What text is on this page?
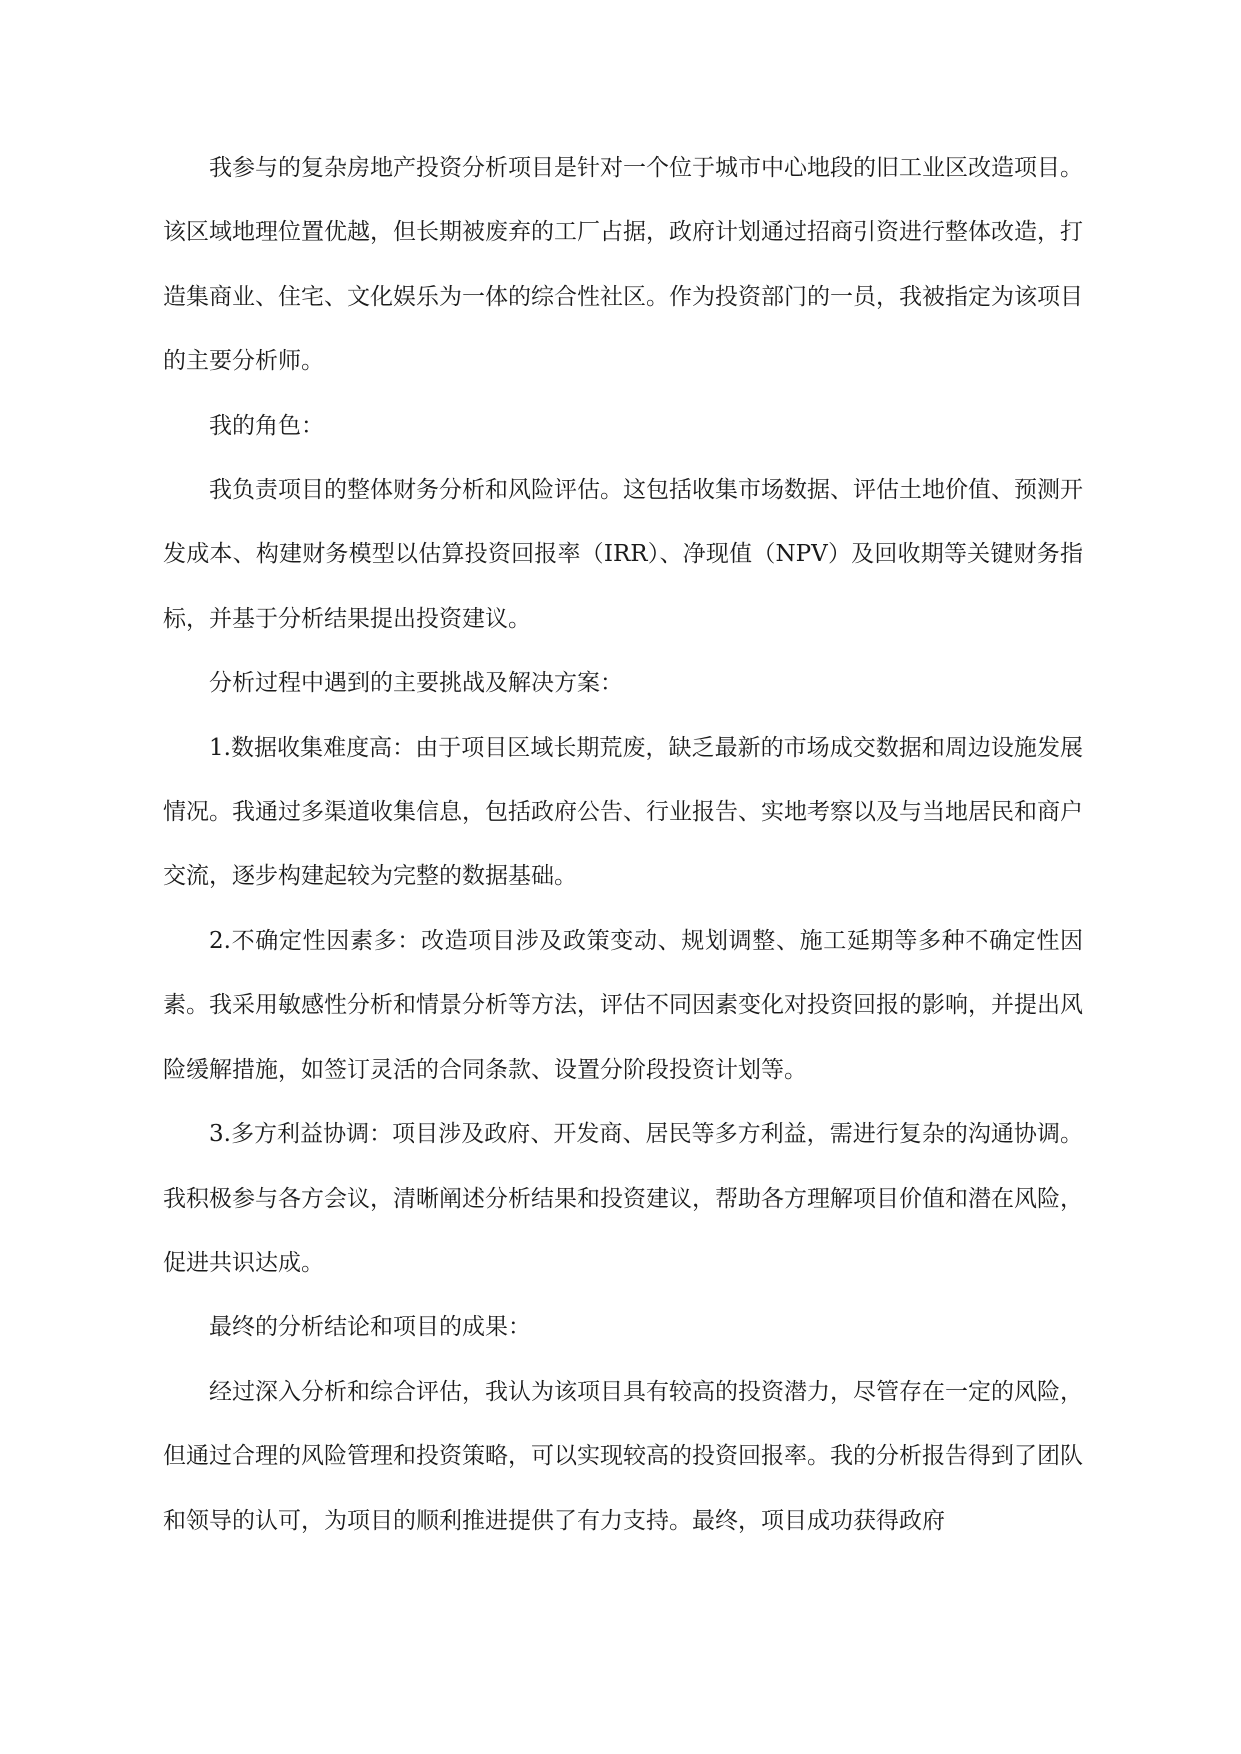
我参与的复杂房地产投资分析项目是针对一个位于城市中心地段的旧工业区改造项目。该区域地理位置优越，但长期被废弃的工厂占据，政府计划通过招商引资进行整体改造，打造集商业、住宅、文化娱乐为一体的综合性社区。作为投资部门的一员，我被指定为该项目的主要分析师。

我的角色：

我负责项目的整体财务分析和风险评估。这包括收集市场数据、评估土地价值、预测开发成本、构建财务模型以估算投资回报率（IRR）、净现值（NPV）及回收期等关键财务指标，并基于分析结果提出投资建议。

分析过程中遇到的主要挑战及解决方案：

1.数据收集难度高：由于项目区域长期荒废，缺乏最新的市场成交数据和周边设施发展情况。我通过多渠道收集信息，包括政府公告、行业报告、实地考察以及与当地居民和商户交流，逐步构建起较为完整的数据基础。

2.不确定性因素多：改造项目涉及政策变动、规划调整、施工延期等多种不确定性因素。我采用敏感性分析和情景分析等方法，评估不同因素变化对投资回报的影响，并提出风险缓解措施，如签订灵活的合同条款、设置分阶段投资计划等。

3.多方利益协调：项目涉及政府、开发商、居民等多方利益，需进行复杂的沟通协调。我积极参与各方会议，清晰阐述分析结果和投资建议，帮助各方理解项目价值和潜在风险，促进共识达成。

最终的分析结论和项目的成果：

经过深入分析和综合评估，我认为该项目具有较高的投资潜力，尽管存在一定的风险，但通过合理的风险管理和投资策略，可以实现较高的投资回报率。我的分析报告得到了团队和领导的认可，为项目的顺利推进提供了有力支持。最终，项目成功获得政府
